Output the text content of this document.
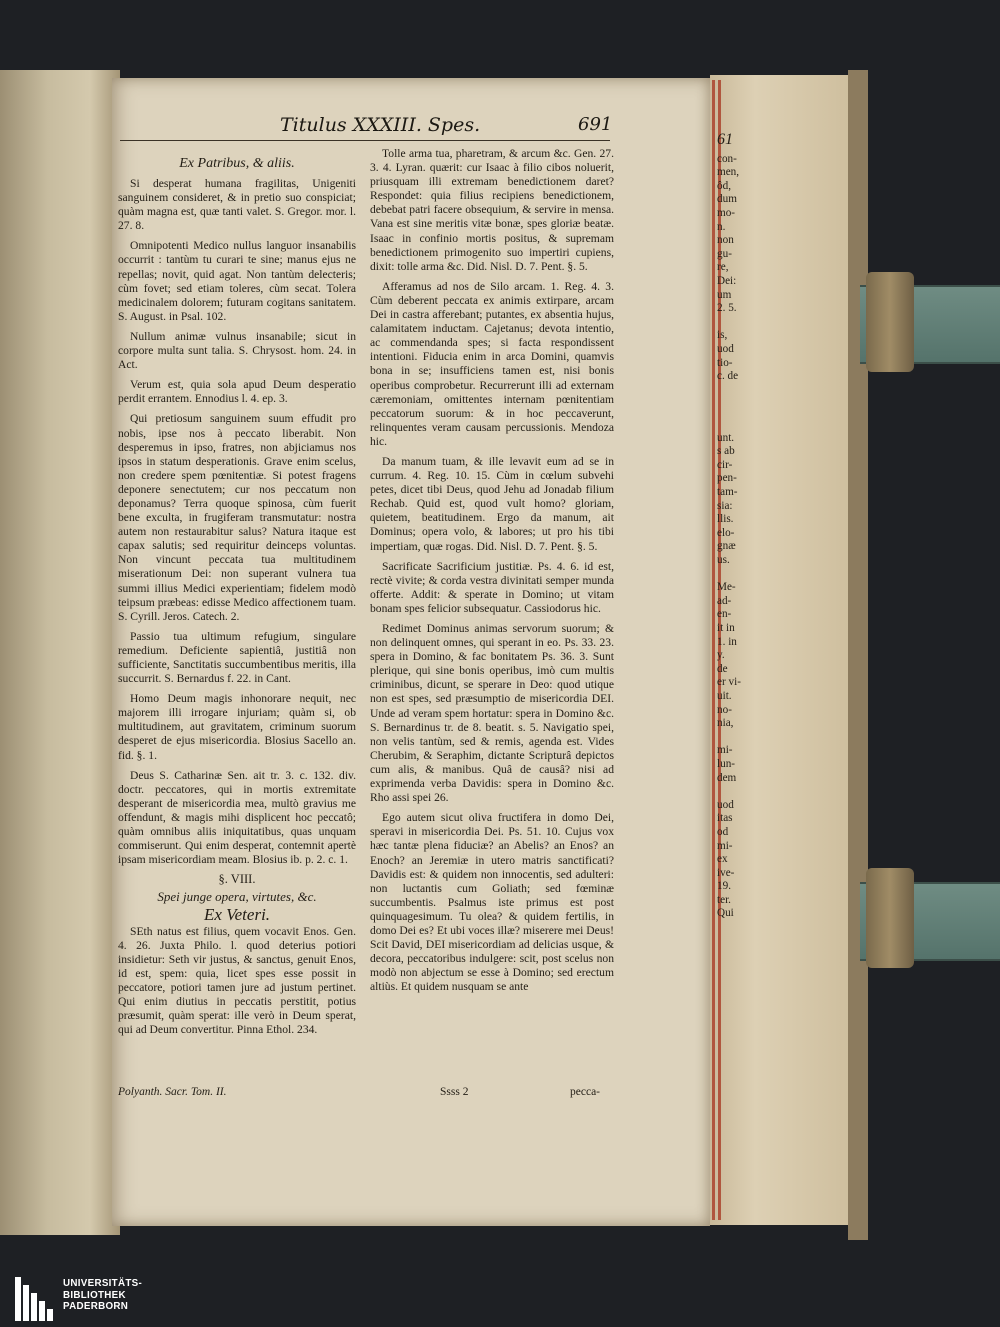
61
con-
men,
ôd,
dum
mo-
n.
non
gu-
re,
Dei:
um
2. 5.
is,
uod
tio-
c. de
unt.
s ab
cir-
pen-
tam-
sia:
llis.
elo-
gnæ
us.
Me-
ad-
en-
it in
1. in
y.
de
er vi-
uit.
no-
nia,
mi-
lun-
dem
uod
itas
od
mi-
ex
ive-
19.
ter.
Qui
Titulus XXXIII. Spes.	691
Ex Patribus, & aliis.

Si desperat humana fragilitas, Unigeniti sanguinem consideret, & in pretio suo conspiciat; quàm magna est, quæ tanti valet. S. Gregor. mor. l. 27. 8.

Omnipotenti Medico nullus languor insanabilis occurrit : tantùm tu curari te sine; manus ejus ne repellas; novit, quid agat. Non tantùm delecteris; cùm fovet; sed etiam toleres, cùm secat. Tolera medicinalem dolorem; futuram cogitans sanitatem. S. August. in Psal. 102.

Nullum animæ vulnus insanabile; sicut in corpore multa sunt talia. S. Chrysost. hom. 24. in Act.

Verum est, quia sola apud Deum desperatio perdit errantem. Ennodius l. 4. ep. 3.

Qui pretiosum sanguinem suum effudit pro nobis, ipse nos à peccato liberabit. Non desperemus in ipso, fratres, non abjiciamus nos ipsos in statum desperationis. Grave enim scelus, non credere spem pœnitentiæ. Si potest fragens deponere senectutem; cur nos peccatum non deponamus? Terra quoque spinosa, cùm fuerit bene exculta, in frugiferam transmutatur: nostra autem non restaurabitur salus? Natura itaque est capax salutis; sed requiritur deinceps voluntas. Non vincunt peccata tua multitudinem miserationum Dei: non superant vulnera tua summi illius Medici experientiam; fidelem modò teipsum præbeas: edisse Medico affectionem tuam. S. Cyrill. Jeros. Catech. 2.

Passio tua ultimum refugium, singulare remedium. Deficiente sapientiâ, justitiâ non sufficiente, Sanctitatis succumbentibus meritis, illa succurrit. S. Bernardus f. 22. in Cant.

Homo Deum magis inhonorare nequit, nec majorem illi irrogare injuriam; quàm si, ob multitudinem, aut gravitatem, criminum suorum desperet de ejus misericordia. Blosius Sacello an. fid. §. 1.

Deus S. Catharinæ Sen. ait tr. 3. c. 132. div. doctr. peccatores, qui in mortis extremitate desperant de misericordia mea, multò gravius me offendunt, & magis mihi displicent hoc peccatô; quàm omnibus aliis iniquitatibus, quas unquam commiserunt. Qui enim desperat, contemnit apertè ipsam misericordiam meam. Blosius ib. p. 2. c. 1.

§. VIII.
Spei junge opera, virtutes, &c.
Ex Veteri.

SEth natus est filius, quem vocavit Enos. Gen. 4. 26. Juxta Philo. l. quod deterius potiori insidietur: Seth vir justus, & sanctus, genuit Enos, id est, spem: quia, licet spes esse possit in peccatore, potiori tamen jure ad justum pertinet. Qui enim diutius in peccatis perstitit, potius præsumit, quàm sperat: ille verò in Deum sperat, qui ad Deum convertitur. Pinna Ethol. 234.

Tolle arma tua, pharetram, & arcum &c. Gen. 27. 3. 4. Lyran. quærit: cur Isaac à filio cibos noluerit, priusquam illi extremam benedictionem daret? Respondet: quia filius recipiens benedictionem, debebat patri facere obsequium, & servire in mensa. Vana est sine meritis vitæ bonæ, spes gloriæ beatæ. Isaac in confinio mortis positus, & supremam benedictionem primogenito suo impertiri cupiens, dixit: tolle arma &c. Did. Nisl. D. 7. Pent. §. 5.

Afferamus ad nos de Silo arcam. 1. Reg. 4. 3. Cùm deberent peccata ex animis extirpare, arcam Dei in castra afferebant; putantes, ex absentia hujus, calamitatem inductam. Cajetanus; devota intentio, ac commendanda spes; si facta respondissent intentioni. Fiducia enim in arca Domini, quamvis bona in se; insufficiens tamen est, nisi bonis operibus comprobetur. Recurrerunt illi ad externam cæremoniam, omittentes internam pœnitentiam peccatorum suorum: & in hoc peccaverunt, relinquentes veram causam percussionis. Mendoza hic.

Da manum tuam, & ille levavit eum ad se in currum. 4. Reg. 10. 15. Cùm in cœlum subvehi petes, dicet tibi Deus, quod Jehu ad Jonadab filium Rechab. Quid est, quod vult homo? gloriam, quietem, beatitudinem. Ergo da manum, ait Dominus; opera volo, & labores; ut pro his tibi impertiam, quæ rogas. Did. Nisl. D. 7. Pent. §. 5.

Sacrificate Sacrificium justitiæ. Ps. 4. 6. id est, rectè vivite; & corda vestra divinitati semper munda offerte. Addit: & sperate in Domino; ut vitam bonam spes felicior subsequatur. Cassiodorus hic.

Redimet Dominus animas servorum suorum; & non delinquent omnes, qui sperant in eo. Ps. 33. 23. spera in Domino, & fac bonitatem Ps. 36. 3. Sunt plerique, qui sine bonis operibus, imò cum multis criminibus, dicunt, se sperare in Deo: quod utique non est spes, sed præsumptio de misericordia DEI. Unde ad veram spem hortatur: spera in Domino &c. S. Bernardinus tr. de 8. beatit. s. 5. Navigatio spei, non velis tantùm, sed & remis, agenda est. Vides Cherubim, & Seraphim, dictante Scripturâ depictos cum alis, & manibus. Quâ de causâ? nisi ad exprimenda verba Davidis: spera in Domino &c. Rho assi spei 26.

Ego autem sicut oliva fructifera in domo Dei, speravi in misericordia Dei. Ps. 51. 10. Cujus vox hæc tantæ plena fiduciæ? an Abelis? an Enos? an Enoch? an Jeremiæ in utero matris sanctificati? Davidis est: & quidem non innocentis, sed adulteri: non luctantis cum Goliath; sed fœminæ succumbentis. Psalmus iste primus est post quinquagesimum. Tu olea? & quidem fertilis, in domo Dei es? Et ubi voces illæ? miserere mei Deus! Scit David, DEI misericordiam ad delicias usque, & decora, peccatoribus indulgere: scit, post scelus non modò non abjectum se esse à Domino; sed erectum altiùs. Et quidem nusquam se ante

Polyanth. Sacr. Tom. II.	Ssss 2	pecca-
UNIVERSITÄTS-
BIBLIOTHEK
PADERBORN
